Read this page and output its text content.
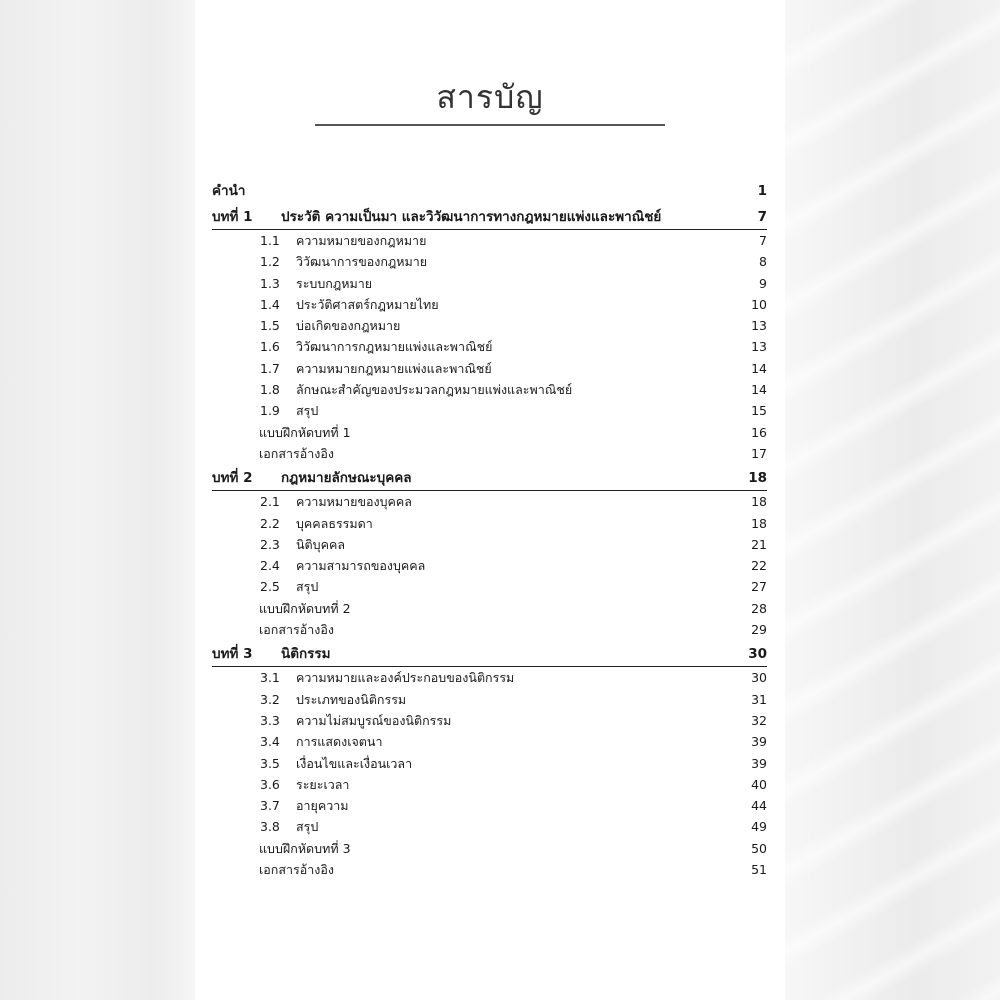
สารบัญ
คำนำ	1
บทที่ 1 ประวัติ ความเป็นมา และวิวัฒนาการทางกฎหมายแพ่งและพาณิชย์	7
1.1 ความหมายของกฎหมาย	7
1.2 วิวัฒนาการของกฎหมาย	8
1.3 ระบบกฎหมาย	9
1.4 ประวัติศาสตร์กฎหมายไทย	10
1.5 บ่อเกิดของกฎหมาย	13
1.6 วิวัฒนาการกฎหมายแพ่งและพาณิชย์	13
1.7 ความหมายกฎหมายแพ่งและพาณิชย์	14
1.8 ลักษณะสำคัญของประมวลกฎหมายแพ่งและพาณิชย์	14
1.9 สรุป	15
แบบฝึกหัดบทที่ 1	16
เอกสารอ้างอิง	17
บทที่ 2 กฎหมายลักษณะบุคคล	18
2.1 ความหมายของบุคคล	18
2.2 บุคคลธรรมดา	18
2.3 นิติบุคคล	21
2.4 ความสามารถของบุคคล	22
2.5 สรุป	27
แบบฝึกหัดบทที่ 2	28
เอกสารอ้างอิง	29
บทที่ 3 นิติกรรม	30
3.1 ความหมายและองค์ประกอบของนิติกรรม	30
3.2 ประเภทของนิติกรรม	31
3.3 ความไม่สมบูรณ์ของนิติกรรม	32
3.4 การแสดงเจตนา	39
3.5 เงื่อนไขและเงื่อนเวลา	39
3.6 ระยะเวลา	40
3.7 อายุความ	44
3.8 สรุป	49
แบบฝึกหัดบทที่ 3	50
เอกสารอ้างอิง	51
